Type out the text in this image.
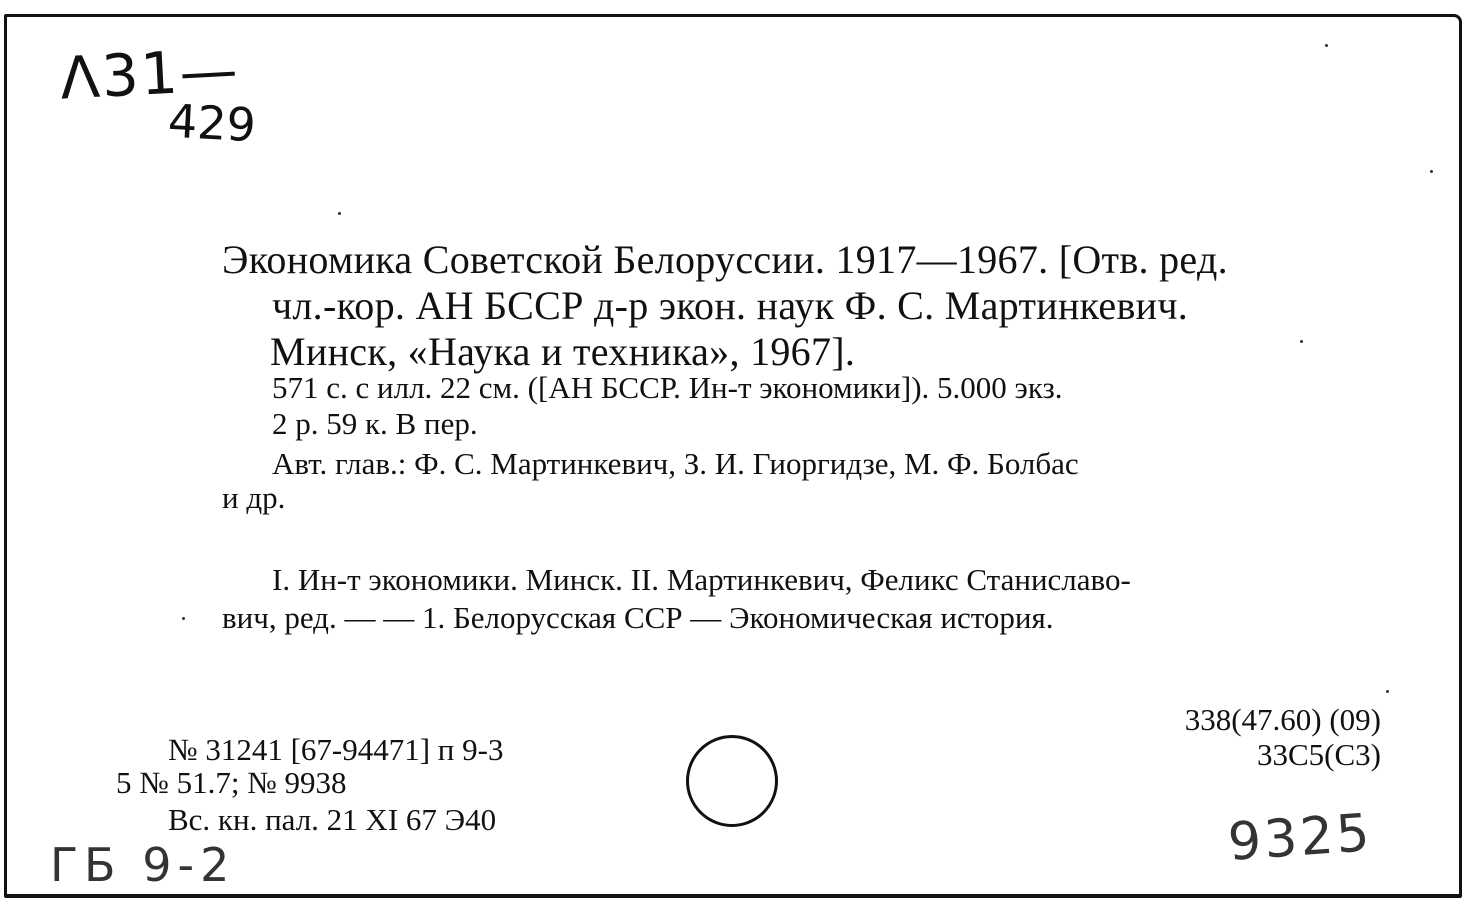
Λ31—
429
Экономика Советской Белоруссии. 1917—1967. [Отв. ред.
чл.-кор. АН БССР д-р экон. наук Ф. С. Мартинкевич.
Минск, «Наука и техника», 1967].
571 с. с илл. 22 см. ([АН БССР. Ин-т экономики]). 5.000 экз.
2 р. 59 к. В пер.
Авт. глав.: Ф. С. Мартинкевич, З. И. Гиоргидзе, М. Ф. Болбас
и др.
I. Ин-т экономики. Минск. II. Мартинкевич, Феликс Станиславо-
вич, ред. — — 1. Белорусская ССР — Экономическая история.
№ 31241 [67-94471] п 9-3
5 № 51.7; № 9938
Вс. кн. пал. 21 XI 67 Э40
338(47.60) (09)
33С5(С3)
ГБ 9-2	9325
